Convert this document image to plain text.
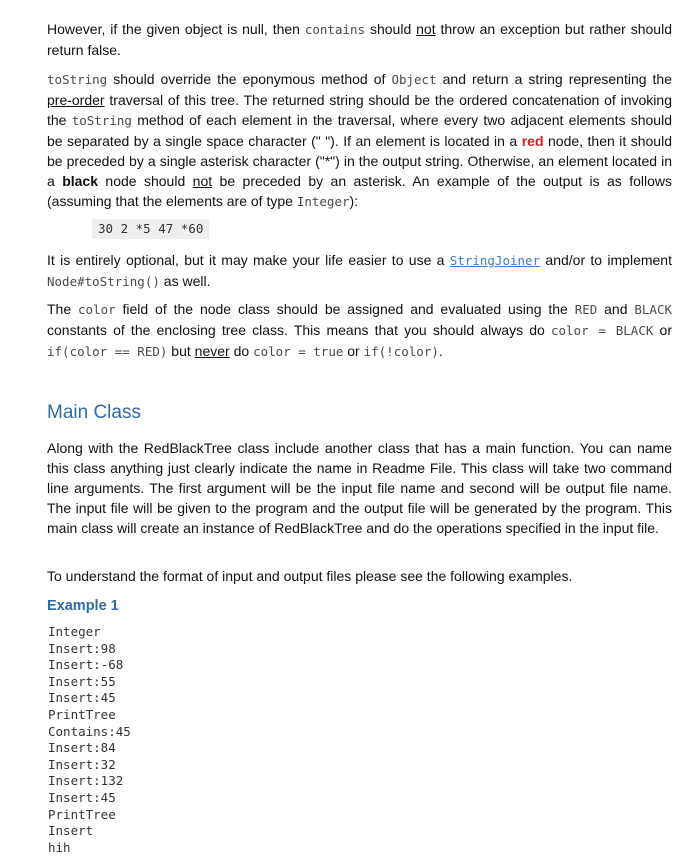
However, if the given object is null, then contains should not throw an exception but rather should return false.

toString should override the eponymous method of Object and return a string representing the pre-order traversal of this tree. The returned string should be the ordered concatenation of invoking the toString method of each element in the traversal, where every two adjacent elements should be separated by a single space character (" "). If an element is located in a red node, then it should be preceded by a single asterisk character ("*") in the output string. Otherwise, an element located in a black node should not be preceded by an asterisk. An example of the output is as follows (assuming that the elements are of type Integer):

30 2 *5 47 *60

It is entirely optional, but it may make your life easier to use a StringJoiner and/or to implement Node#toString() as well.

The color field of the node class should be assigned and evaluated using the RED and BLACK constants of the enclosing tree class. This means that you should always do color = BLACK or if(color == RED) but never do color = true or if(!color).

Main Class

Along with the RedBlackTree class include another class that has a main function. You can name this class anything just clearly indicate the name in Readme File. This class will take two command line arguments. The first argument will be the input file name and second will be output file name. The input file will be given to the program and the output file will be generated by the program. This main class will create an instance of RedBlackTree and do the operations specified in the input file.

To understand the format of input and output files please see the following examples.

Example 1
Integer
Insert:98
Insert:-68
Insert:55
Insert:45
PrintTree
Contains:45
Insert:84
Insert:32
Insert:132
Insert:45
PrintTree
Insert
hih
